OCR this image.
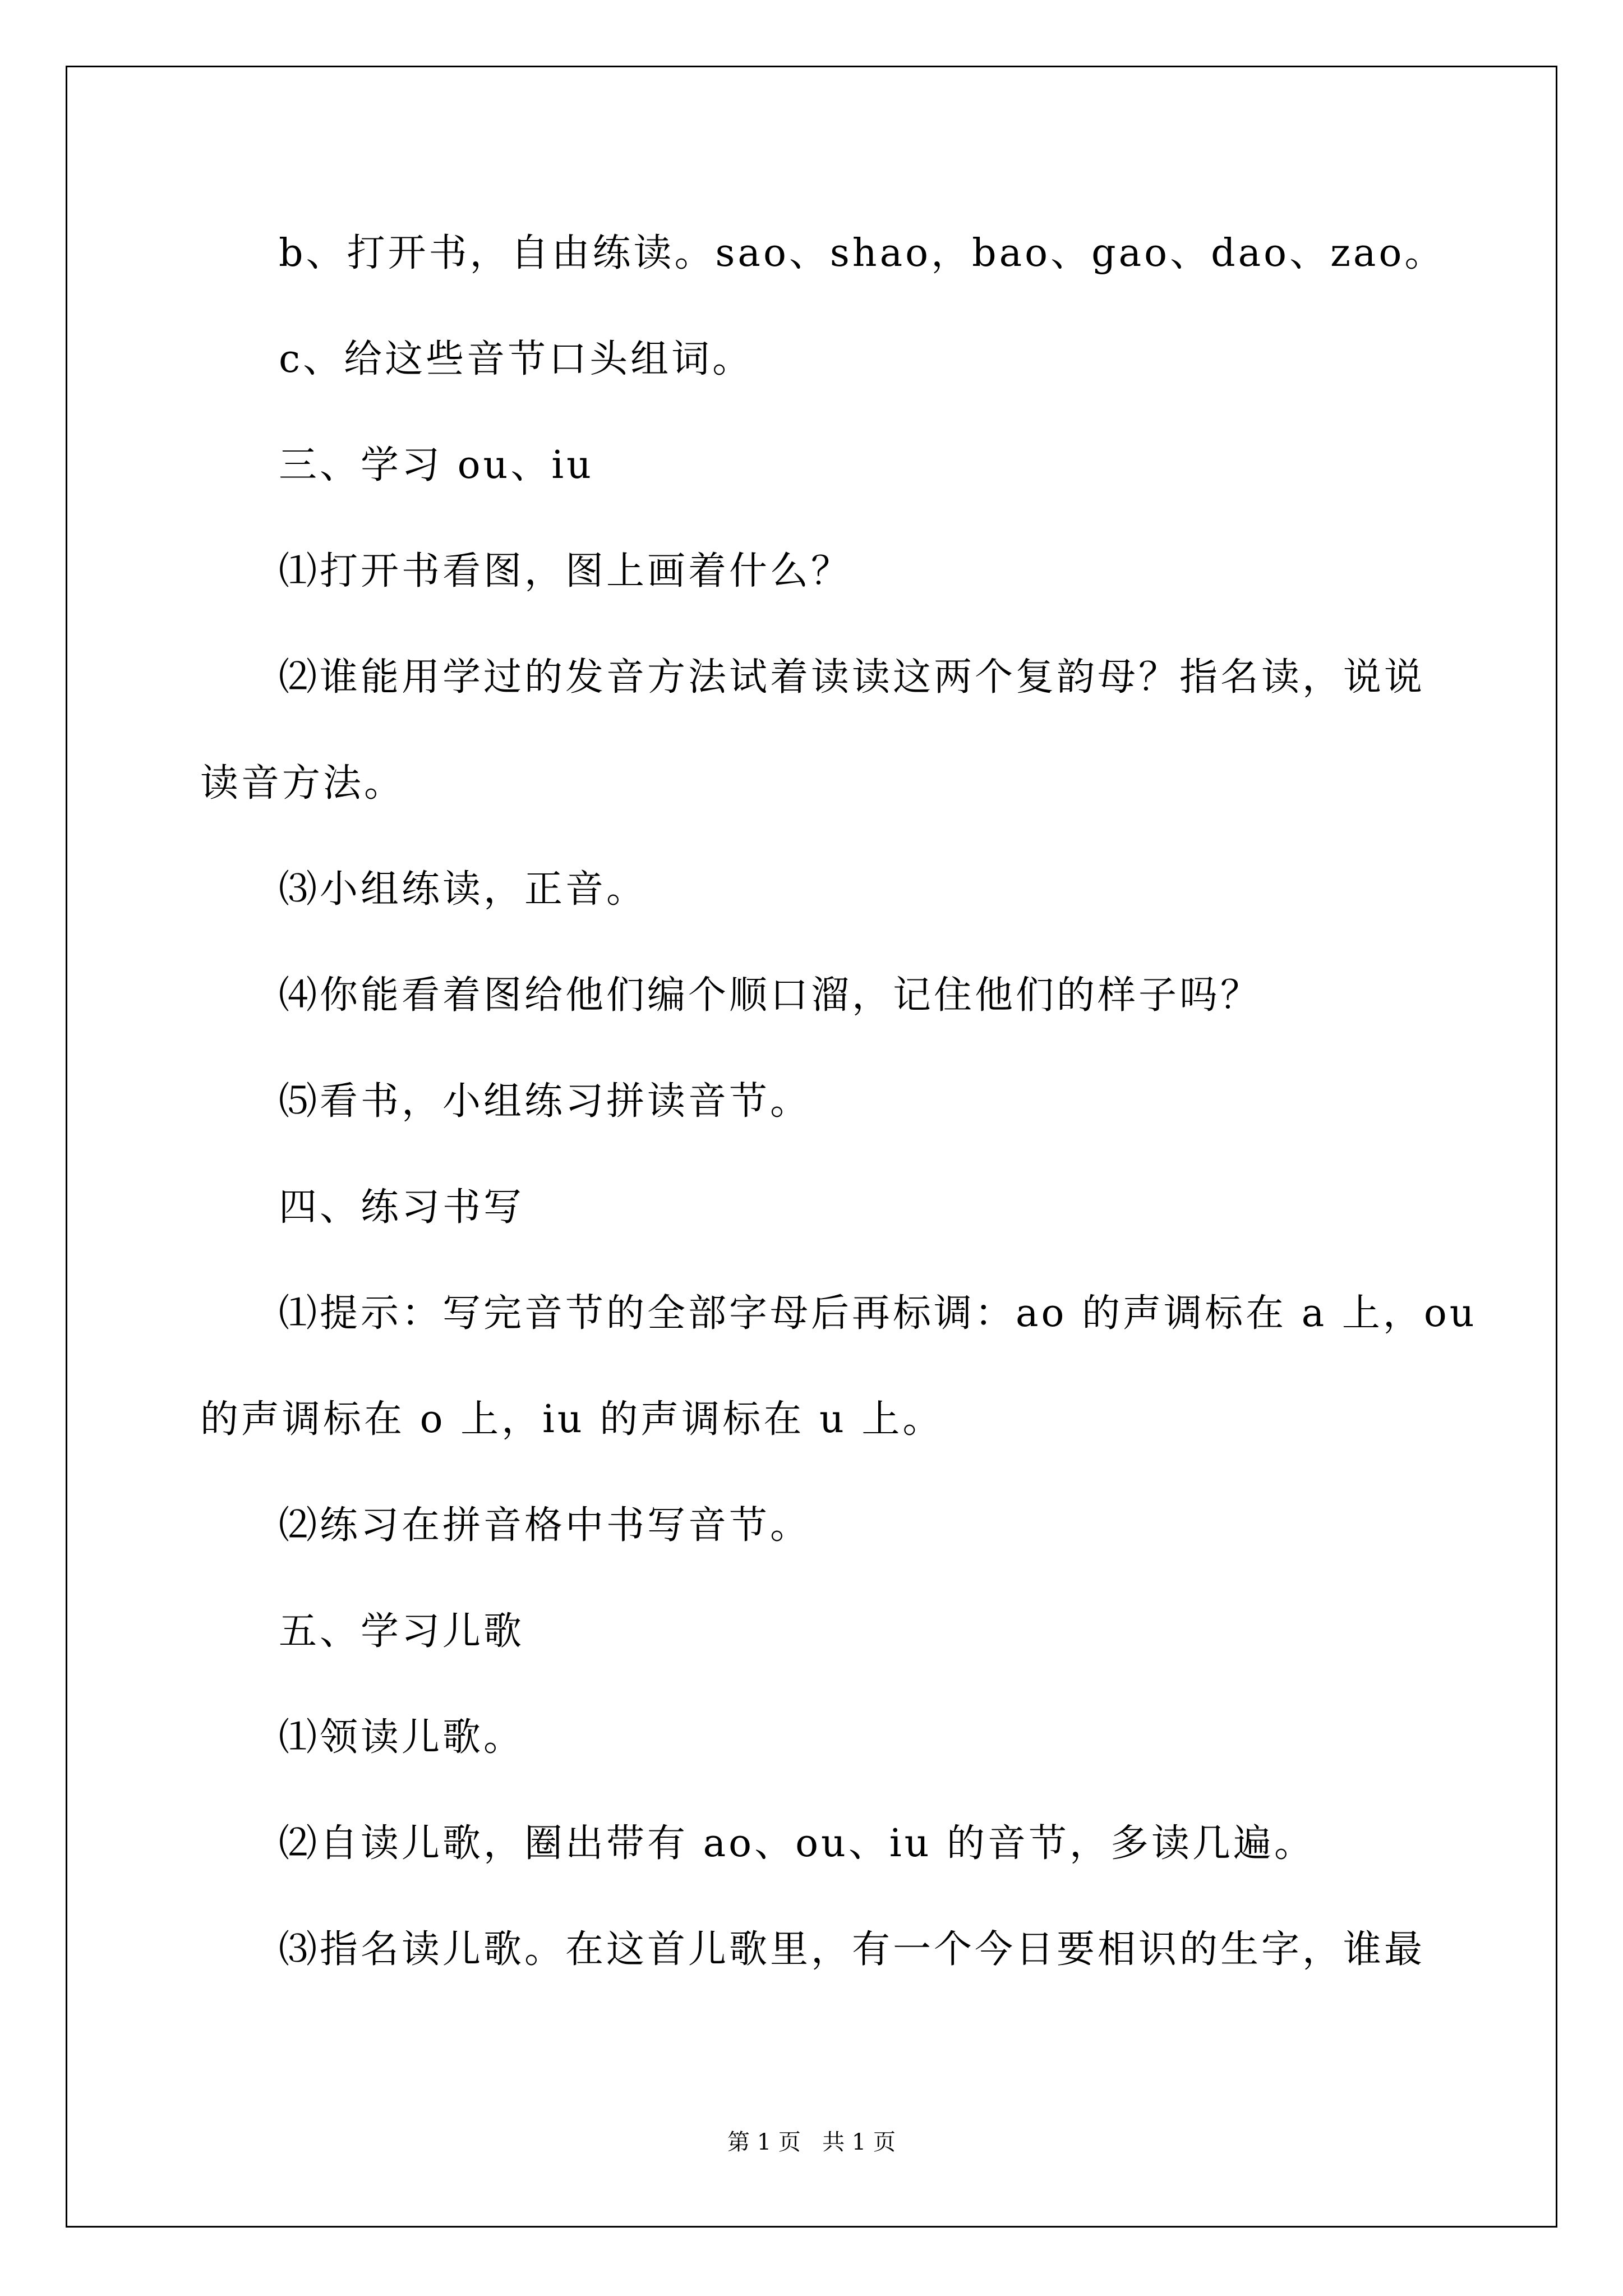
b、打开书，自由练读。sao、shao，bao、gao、dao、zao。

c、给这些音节口头组词。

三、学习 ou、iu

⑴打开书看图，图上画着什么？

⑵谁能用学过的发音方法试着读读这两个复韵母？指名读，说说

读音方法。

⑶小组练读，正音。

⑷你能看着图给他们编个顺口溜，记住他们的样子吗？

⑸看书，小组练习拼读音节。

四、练习书写

⑴提示：写完音节的全部字母后再标调：ao 的声调标在 a 上，ou

的声调标在 o 上，iu 的声调标在 u 上。

⑵练习在拼音格中书写音节。

五、学习儿歌

⑴领读儿歌。

⑵自读儿歌，圈出带有 ao、ou、iu 的音节，多读几遍。

⑶指名读儿歌。在这首儿歌里，有一个今日要相识的生字，谁最

第 1 页   共 1 页
